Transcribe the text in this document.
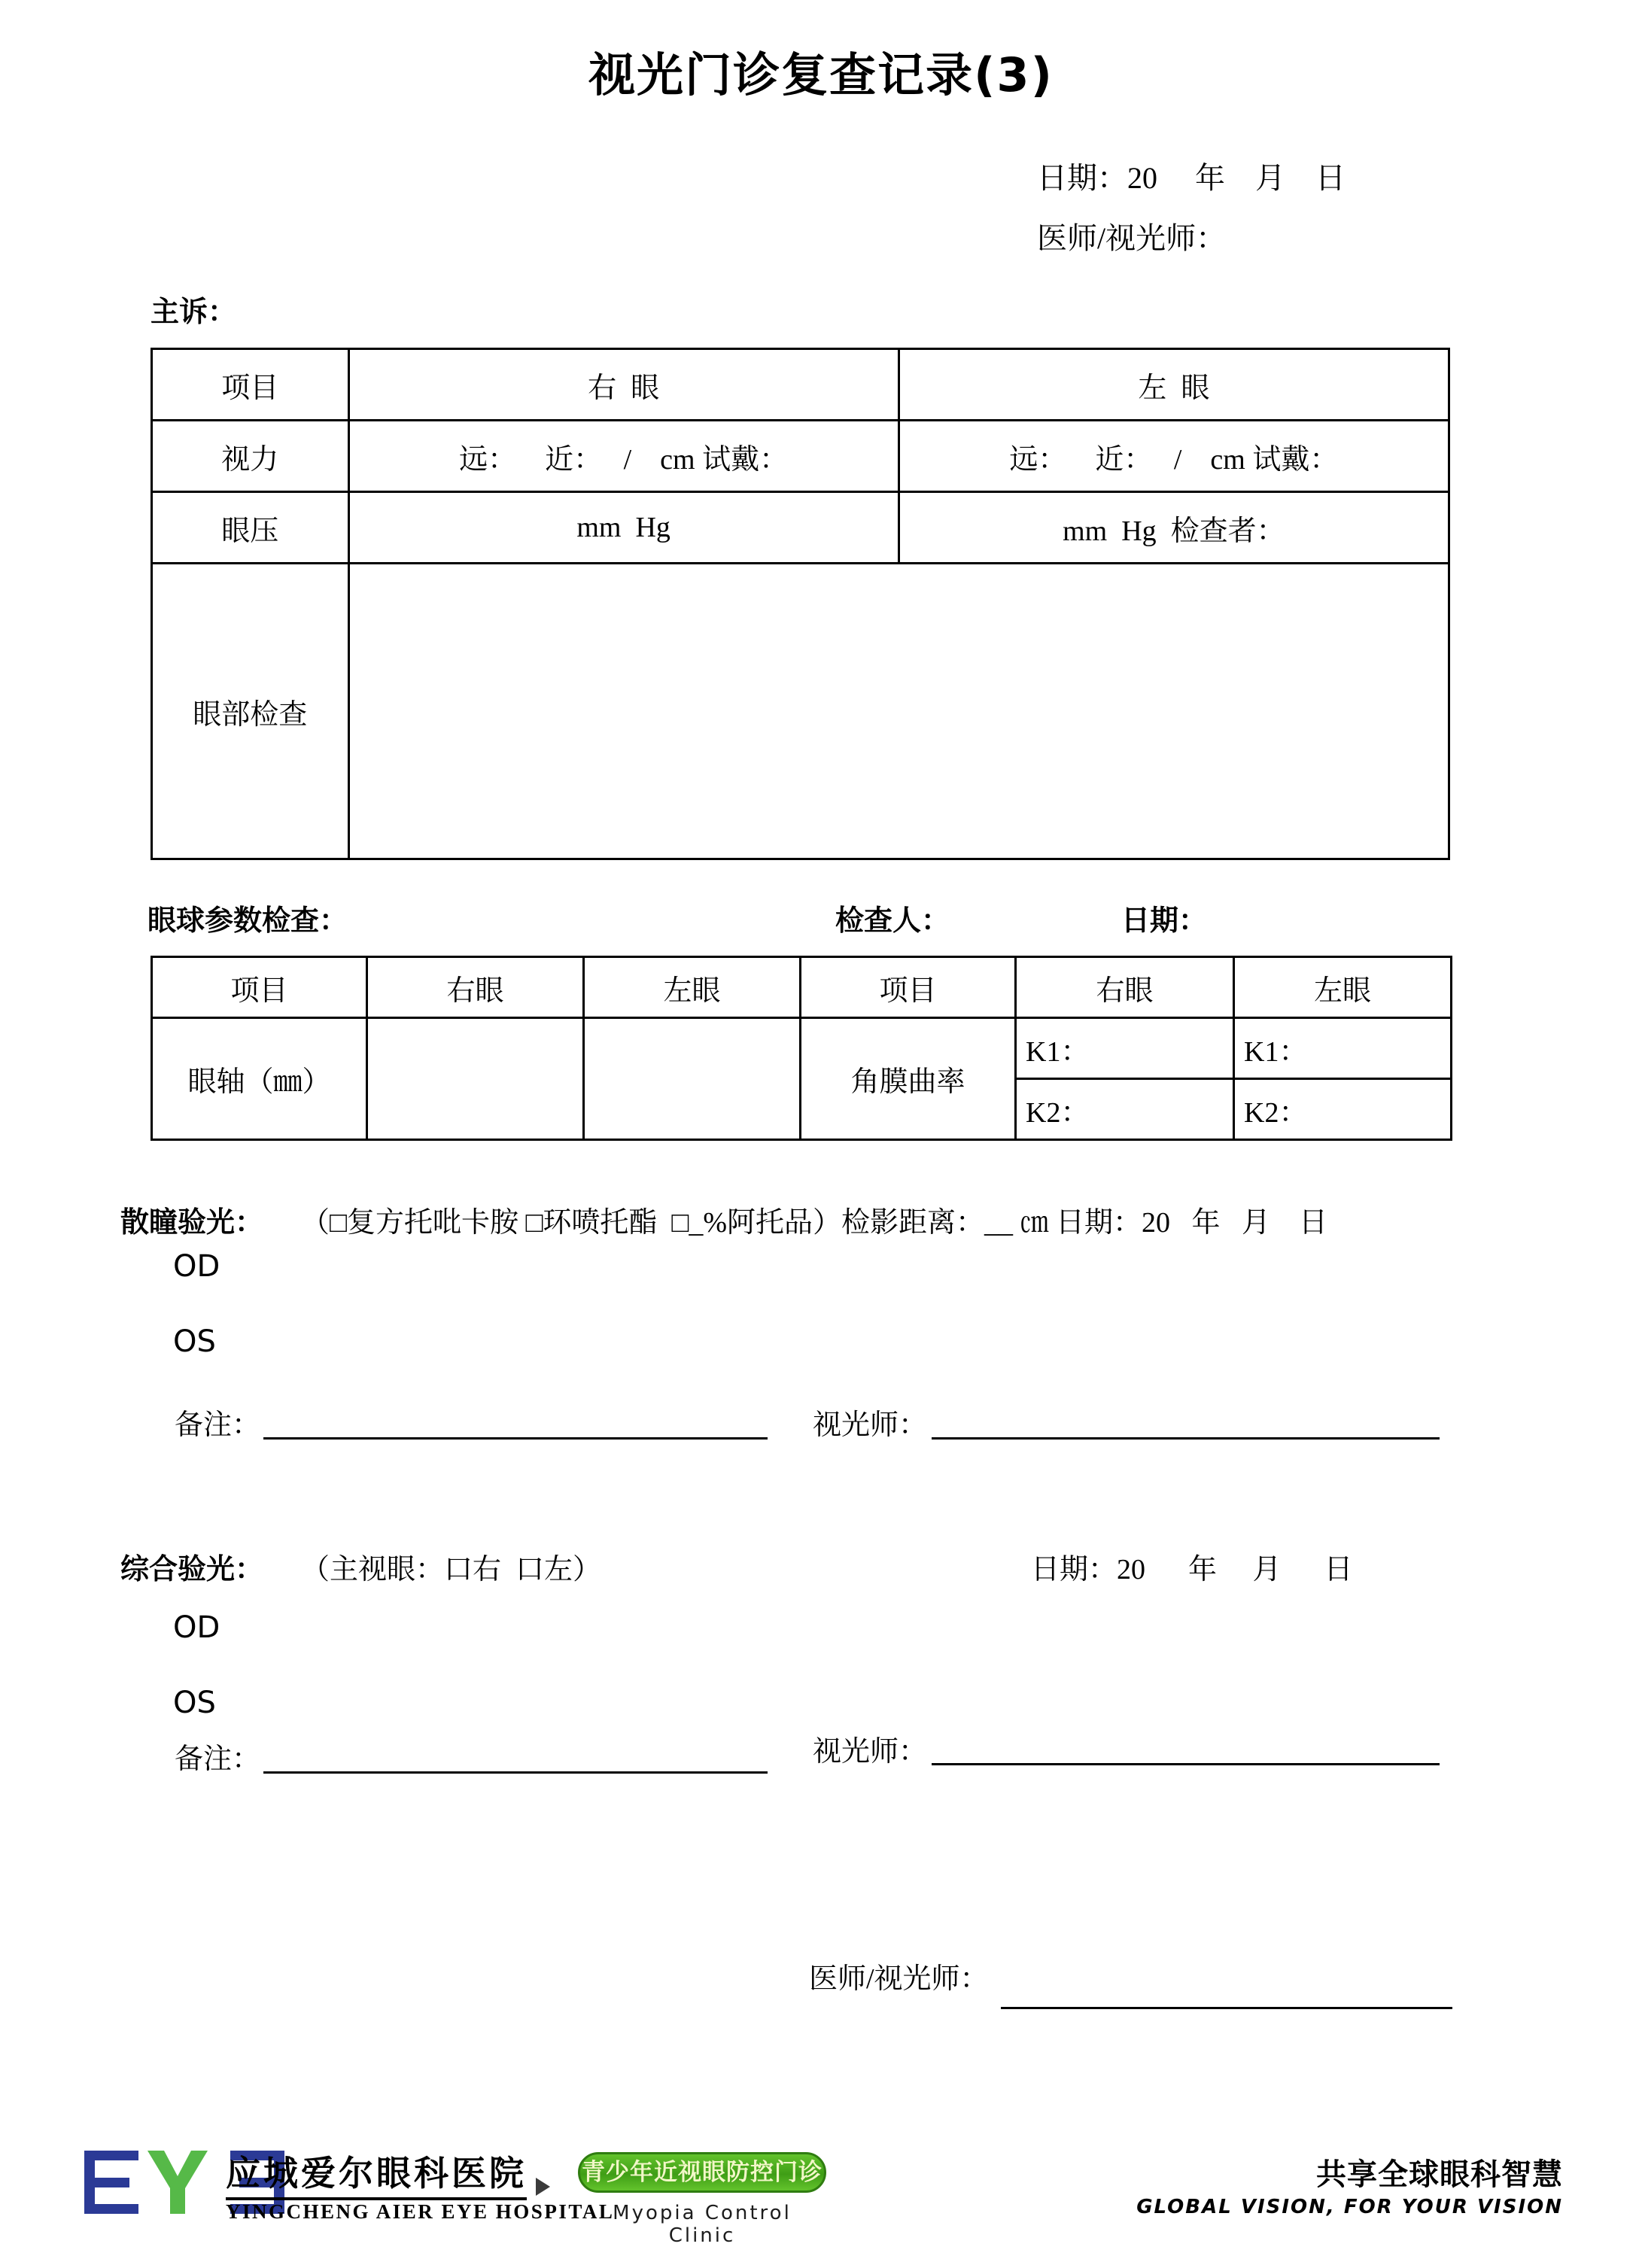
视光门诊复查记录(3)
日期：20     年    月    日
医师/视光师：
主诉：
项目	右  眼	左  眼
视力	远：    近：   /    cm 试戴：	远：    近：   /    cm 试戴：
眼压	mm  Hg	mm  Hg  检查者：
眼部检查		
眼球参数检查：	检查人：	日期：
项目	右眼	左眼	项目	右眼	左眼
眼轴（㎜）			角膜曲率	K1：	K1：
				K2：	K2：
散瞳验光： （□复方托吡卡胺 □环喷托酯  □_%阿托品）检影距离：__ ㎝ 日期：20   年   月    日
OD
OS
备注：	视光师：
综合验光： （主视眼：口右  口左）	日期：20      年     月      日
OD
OS
备注：	视光师：
医师/视光师：
应城爱尔眼科医院
YINGCHENG AIER EYE HOSPITAL
青少年近视眼防控门诊
Myopia Control Clinic
共享全球眼科智慧
GLOBAL VISION, FOR YOUR VISION
